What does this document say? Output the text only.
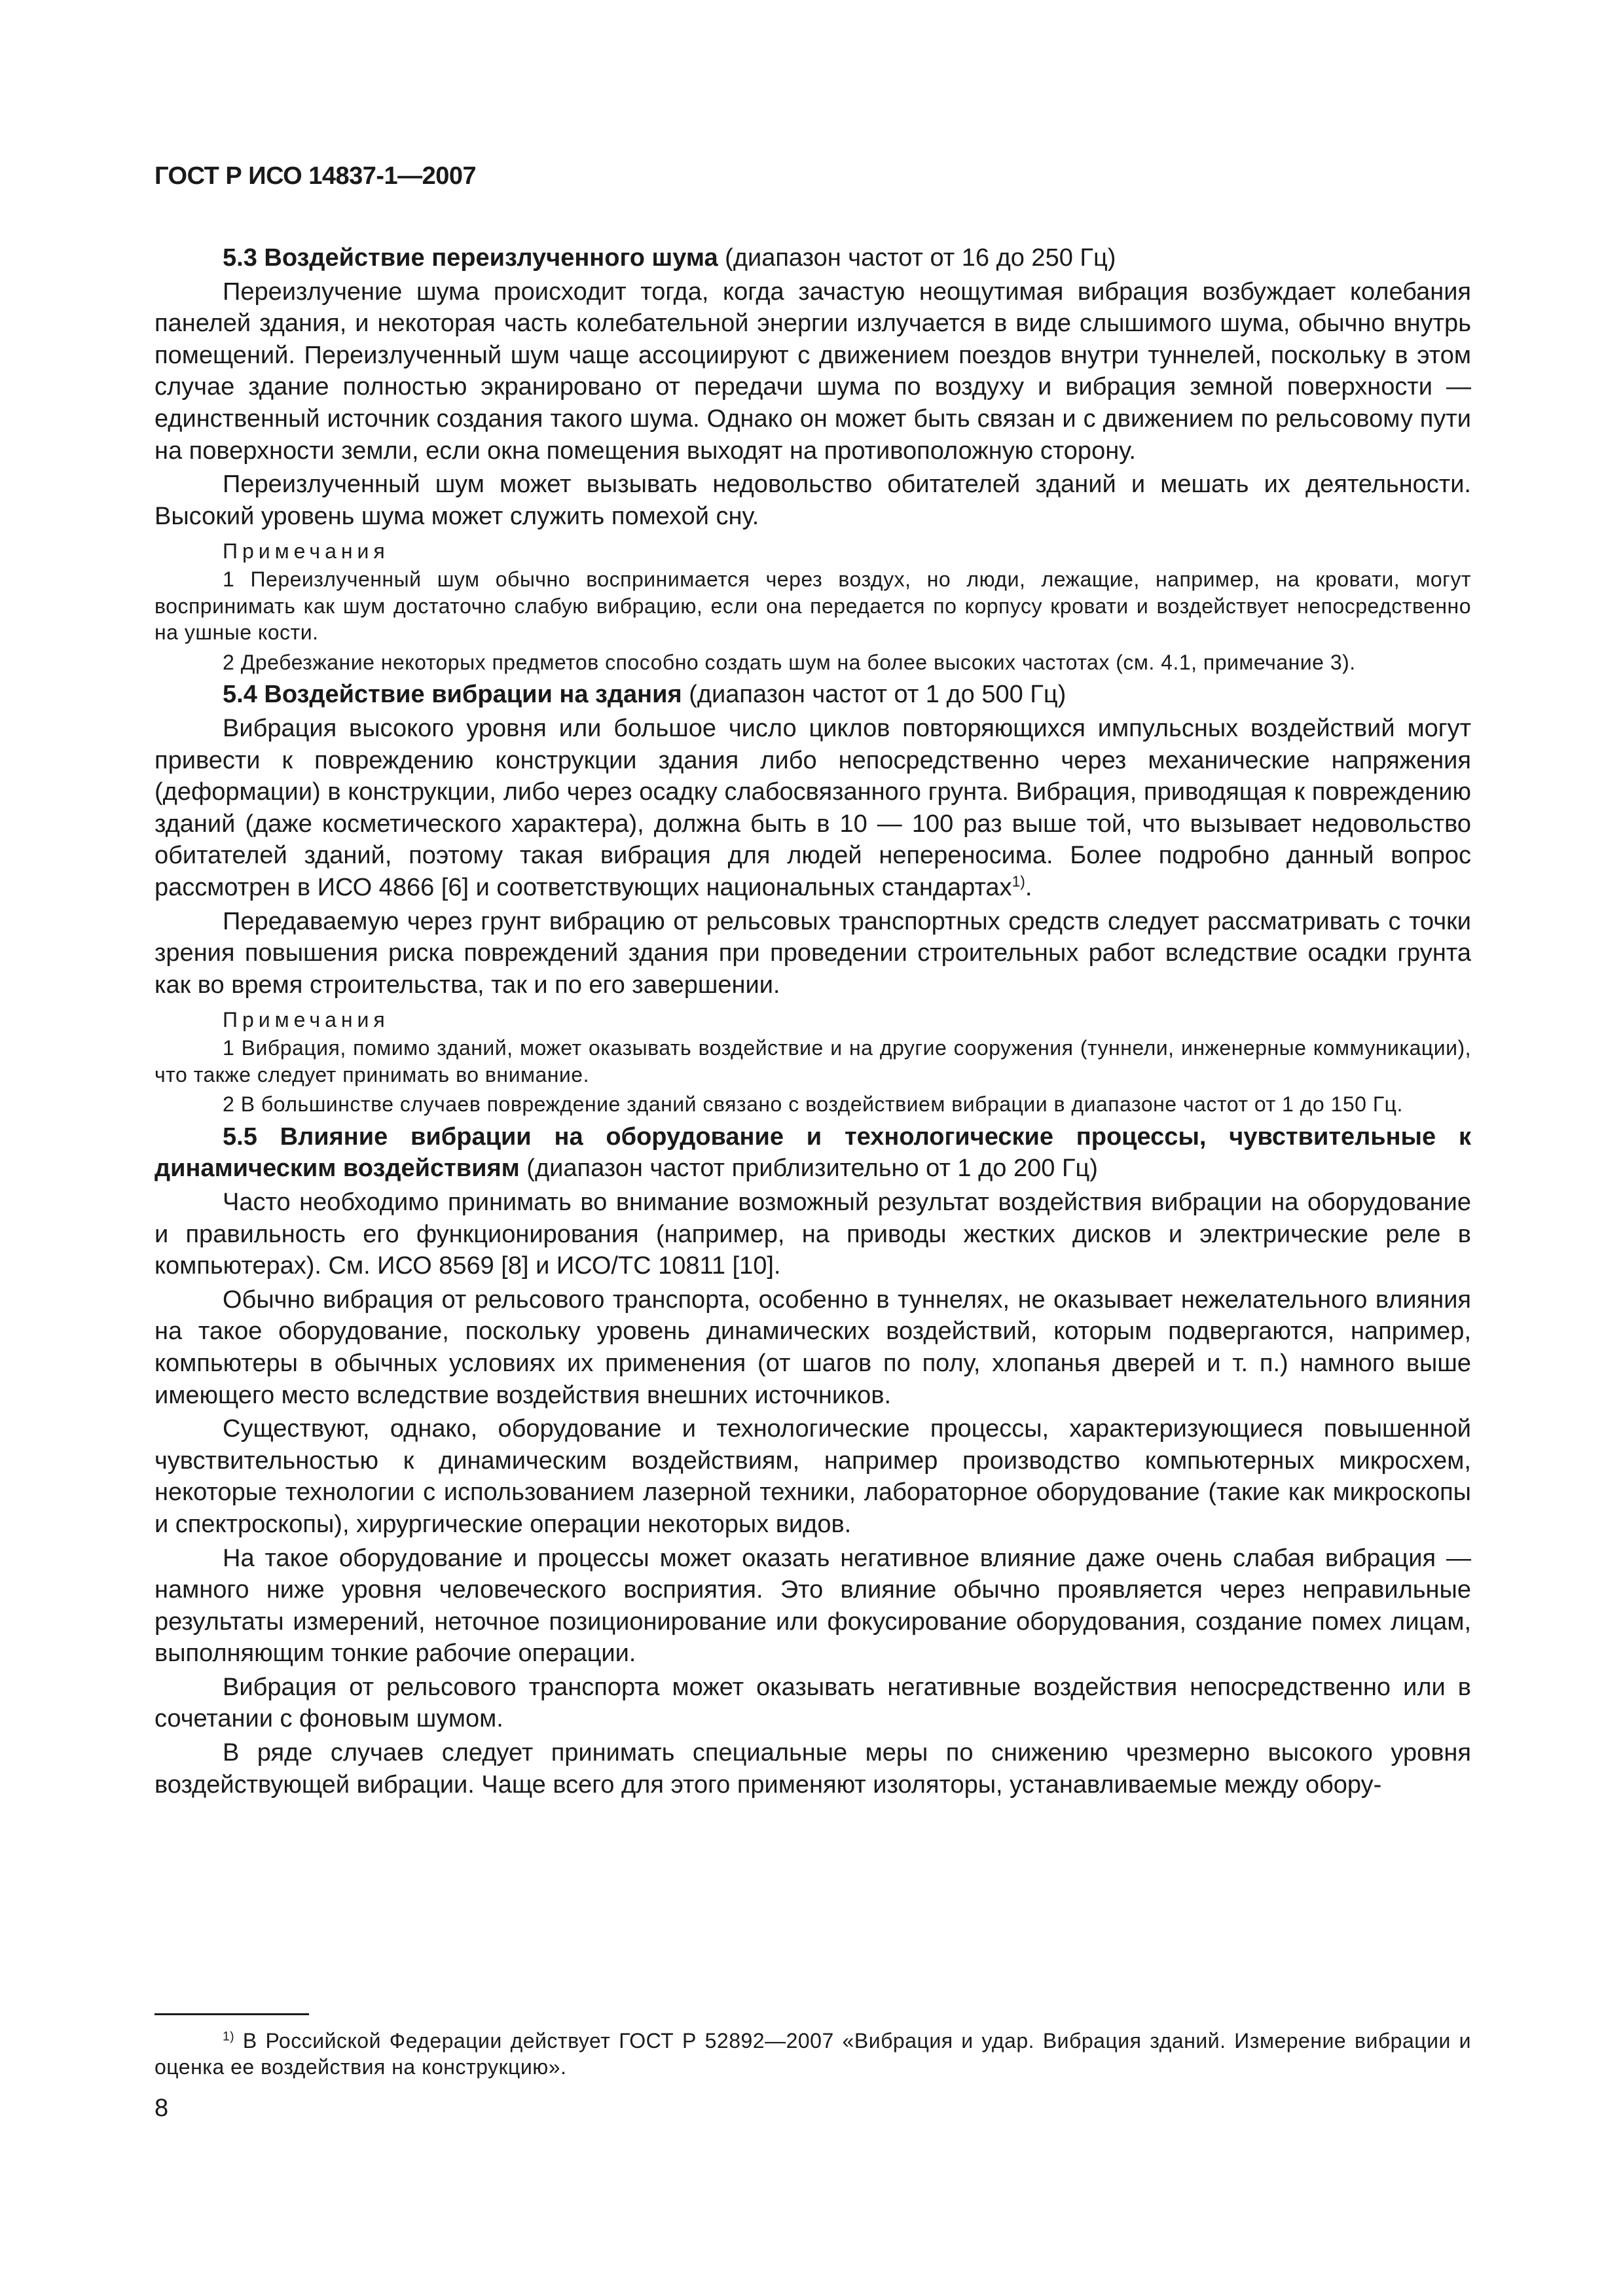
ГОСТ Р ИСО 14837-1—2007

5.3 Воздействие переизлученного шума (диапазон частот от 16 до 250 Гц)

Переизлучение шума происходит тогда, когда зачастую неощутимая вибрация возбуждает колебания панелей здания, и некоторая часть колебательной энергии излучается в виде слышимого шума, обычно внутрь помещений. Переизлученный шум чаще ассоциируют с движением поездов внутри туннелей, поскольку в этом случае здание полностью экранировано от передачи шума по воздуху и вибрация земной поверхности — единственный источник создания такого шума. Однако он может быть связан и с движением по рельсовому пути на поверхности земли, если окна помещения выходят на противоположную сторону.

Переизлученный шум может вызывать недовольство обитателей зданий и мешать их деятельности. Высокий уровень шума может служить помехой сну.

Примечания
1 Переизлученный шум обычно воспринимается через воздух, но люди, лежащие, например, на кровати, могут воспринимать как шум достаточно слабую вибрацию, если она передается по корпусу кровати и воздействует непосредственно на ушные кости.
2 Дребезжание некоторых предметов способно создать шум на более высоких частотах (см. 4.1, примечание 3).

5.4 Воздействие вибрации на здания (диапазон частот от 1 до 500 Гц)

Вибрация высокого уровня или большое число циклов повторяющихся импульсных воздействий могут привести к повреждению конструкции здания либо непосредственно через механические напряжения (деформации) в конструкции, либо через осадку слабосвязанного грунта. Вибрация, приводящая к повреждению зданий (даже косметического характера), должна быть в 10 — 100 раз выше той, что вызывает недовольство обитателей зданий, поэтому такая вибрация для людей непереносима. Более подробно данный вопрос рассмотрен в ИСО 4866 [6] и соответствующих национальных стандартах$^{1)}$.

Передаваемую через грунт вибрацию от рельсовых транспортных средств следует рассматривать с точки зрения повышения риска повреждений здания при проведении строительных работ вследствие осадки грунта как во время строительства, так и по его завершении.

Примечания
1 Вибрация, помимо зданий, может оказывать воздействие и на другие сооружения (туннели, инженерные коммуникации), что также следует принимать во внимание.
2 В большинстве случаев повреждение зданий связано с воздействием вибрации в диапазоне частот от 1 до 150 Гц.

5.5 Влияние вибрации на оборудование и технологические процессы, чувствительные к динамическим воздействиям (диапазон частот приблизительно от 1 до 200 Гц)

Часто необходимо принимать во внимание возможный результат воздействия вибрации на оборудование и правильность его функционирования (например, на приводы жестких дисков и электрические реле в компьютерах). См. ИСО 8569 [8] и ИСО/ТС 10811 [10].

Обычно вибрация от рельсового транспорта, особенно в туннелях, не оказывает нежелательного влияния на такое оборудование, поскольку уровень динамических воздействий, которым подвергаются, например, компьютеры в обычных условиях их применения (от шагов по полу, хлопанья дверей и т. п.) намного выше имеющего место вследствие воздействия внешних источников.

Существуют, однако, оборудование и технологические процессы, характеризующиеся повышенной чувствительностью к динамическим воздействиям, например производство компьютерных микросхем, некоторые технологии с использованием лазерной техники, лабораторное оборудование (такие как микроскопы и спектроскопы), хирургические операции некоторых видов.

На такое оборудование и процессы может оказать негативное влияние даже очень слабая вибрация — намного ниже уровня человеческого восприятия. Это влияние обычно проявляется через неправильные результаты измерений, неточное позиционирование или фокусирование оборудования, создание помех лицам, выполняющим тонкие рабочие операции.

Вибрация от рельсового транспорта может оказывать негативные воздействия непосредственно или в сочетании с фоновым шумом.

В ряде случаев следует принимать специальные меры по снижению чрезмерно высокого уровня воздействующей вибрации. Чаще всего для этого применяют изоляторы, устанавливаемые между обору-

$^{1)}$ В Российской Федерации действует ГОСТ Р 52892—2007 «Вибрация и удар. Вибрация зданий. Измерение вибрации и оценка ее воздействия на конструкцию».
8
